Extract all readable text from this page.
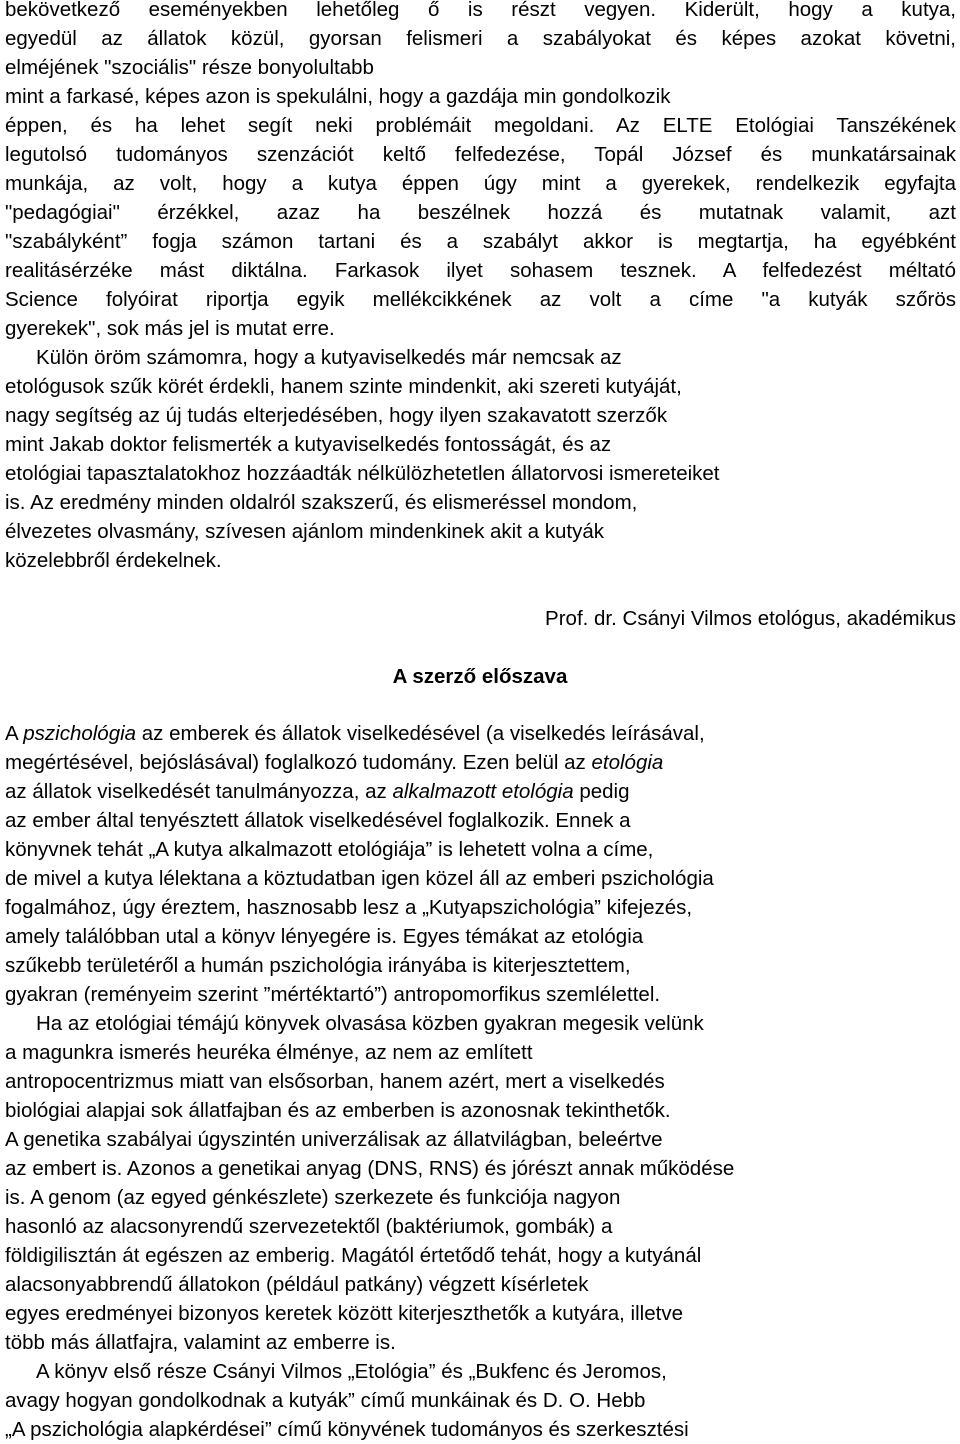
bekövetkező eseményekben lehetőleg ő is részt vegyen. Kiderült, hogy a kutya,
egyedül az állatok közül, gyorsan felismeri a szabályokat és képes azokat követni,
elméjének "szociális" része bonyolultabb
mint a farkasé, képes azon is spekulálni, hogy a gazdája min gondolkozik
éppen, és ha lehet segít neki problémáit megoldani. Az ELTE Etológiai Tanszékének
legutolsó tudományos szenzációt keltő felfedezése, Topál József és munkatársainak
munkája, az volt, hogy a kutya éppen úgy mint a gyerekek, rendelkezik egyfajta
"pedagógiai" érzékkel, azaz ha beszélnek hozzá és mutatnak valamit, azt
"szabályként” fogja számon tartani és a szabályt akkor is megtartja, ha egyébként
realitásérzéke mást diktálna. Farkasok ilyet sohasem tesznek. A felfedezést méltató
Science folyóirat riportja egyik mellékcikkének az volt a címe "a kutyák szőrös
gyerekek", sok más jel is mutat erre.
Külön öröm számomra, hogy a kutyaviselkedés már nemcsak az
etológusok szűk körét érdekli, hanem szinte mindenkit, aki szereti kutyáját,
nagy segítség az új tudás elterjedésében, hogy ilyen szakavatott szerzők
mint Jakab doktor felismerték a kutyaviselkedés fontosságát, és az
etológiai tapasztalatokhoz hozzáadták nélkülözhetetlen állatorvosi ismereteiket
is. Az eredmény minden oldalról szakszerű, és elismeréssel mondom,
élvezetes olvasmány, szívesen ajánlom mindenkinek akit a kutyák
közelebbről érdekelnek.
Prof. dr. Csányi Vilmos etológus, akadémikus
A szerző előszava
A pszichológia az emberek és állatok viselkedésével (a viselkedés leírásával,
megértésével, bejóslásával) foglalkozó tudomány. Ezen belül az etológia
az állatok viselkedését tanulmányozza, az alkalmazott etológia pedig
az ember által tenyésztett állatok viselkedésével foglalkozik. Ennek a
könyvnek tehát „A kutya alkalmazott etológiája” is lehetett volna a címe,
de mivel a kutya lélektana a köztudatban igen közel áll az emberi pszichológia
fogalmához, úgy éreztem, hasznosabb lesz a „Kutyapszichológia” kifejezés,
amely találóbban utal a könyv lényegére is. Egyes témákat az etológia
szűkebb területéről a humán pszichológia irányába is kiterjesztettem,
gyakran (reményeim szerint ”mértéktartó”) antropomorfikus szemlélettel.
Ha az etológiai témájú könyvek olvasása közben gyakran megesik velünk
a magunkra ismerés heuréka élménye, az nem az említett
antropocentrizmus miatt van elsősorban, hanem azért, mert a viselkedés
biológiai alapjai sok állatfajban és az emberben is azonosnak tekinthetők.
A genetika szabályai úgyszintén univerzálisak az állatvilágban, beleértve
az embert is. Azonos a genetikai anyag (DNS, RNS) és jórészt annak működése
is. A genom (az egyed génkészlete) szerkezete és funkciója nagyon
hasonló az alacsonyrendű szervezetektől (baktériumok, gombák) a
földigilisztán át egészen az emberig. Magától értetődő tehát, hogy a kutyánál
alacsonyabbrendű állatokon (például patkány) végzett kísérletek
egyes eredményei bizonyos keretek között kiterjeszthetők a kutyára, illetve
több más állatfajra, valamint az emberre is.
A könyv első része Csányi Vilmos „Etológia” és „Bukfenc és Jeromos,
avagy hogyan gondolkodnak a kutyák” című munkáinak és D. O. Hebb
„A pszichológia alapkérdései” című könyvének tudományos és szerkesztési
